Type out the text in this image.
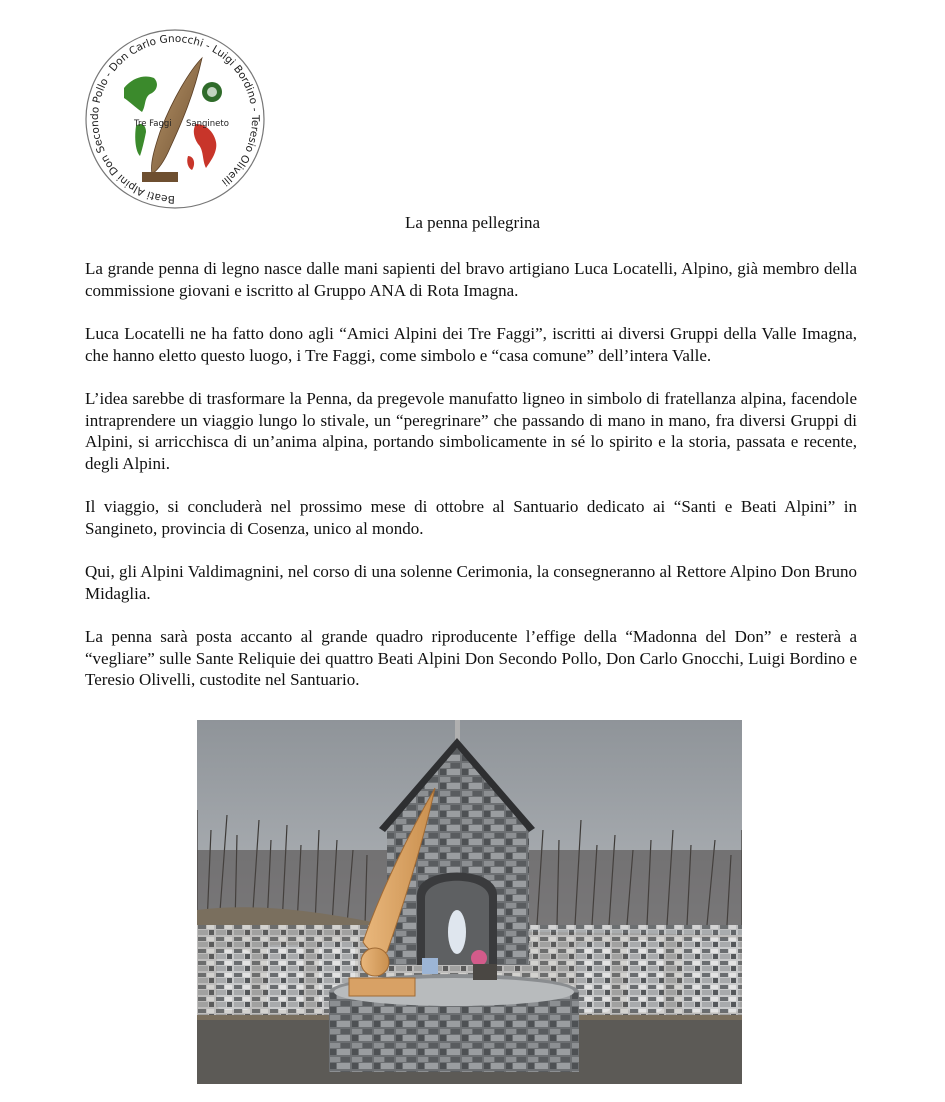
Beati Alpini Don Secondo Pollo - Don Carlo Gnocchi - Luigi Bordino - Teresio Olivelli
Tre Faggi Sangineto
La penna pellegrina

La grande penna di legno nasce dalle mani sapienti del bravo artigiano Luca Locatelli, Alpino, già membro della commissione giovani e iscritto al Gruppo ANA di Rota Imagna.

Luca Locatelli ne ha fatto dono agli “Amici Alpini dei Tre Faggi”, iscritti ai diversi Gruppi della Valle Imagna, che hanno eletto questo luogo, i Tre Faggi, come simbolo e “casa comune” dell’intera Valle.

L’idea sarebbe di trasformare la Penna, da pregevole manufatto ligneo in simbolo di fratellanza alpina, facendole intraprendere un viaggio lungo lo stivale, un “peregrinare” che passando di mano in mano, fra diversi Gruppi di Alpini, si arricchisca di un’anima alpina, portando simbolicamente in sé lo spirito e la storia, passata e recente, degli Alpini.

Il viaggio, si concluderà nel prossimo mese di ottobre al Santuario dedicato ai “Santi e Beati Alpini” in Sangineto, provincia di Cosenza, unico al mondo.

Qui, gli Alpini Valdimagnini, nel corso di una solenne Cerimonia, la consegneranno al Rettore Alpino Don Bruno Midaglia.

La penna sarà posta accanto al grande quadro riproducente l’effige della “Madonna del Don” e resterà a “vegliare” sulle Sante Reliquie dei quattro Beati Alpini Don Secondo Pollo, Don Carlo Gnocchi, Luigi Bordino e Teresio Olivelli, custodite nel Santuario.
